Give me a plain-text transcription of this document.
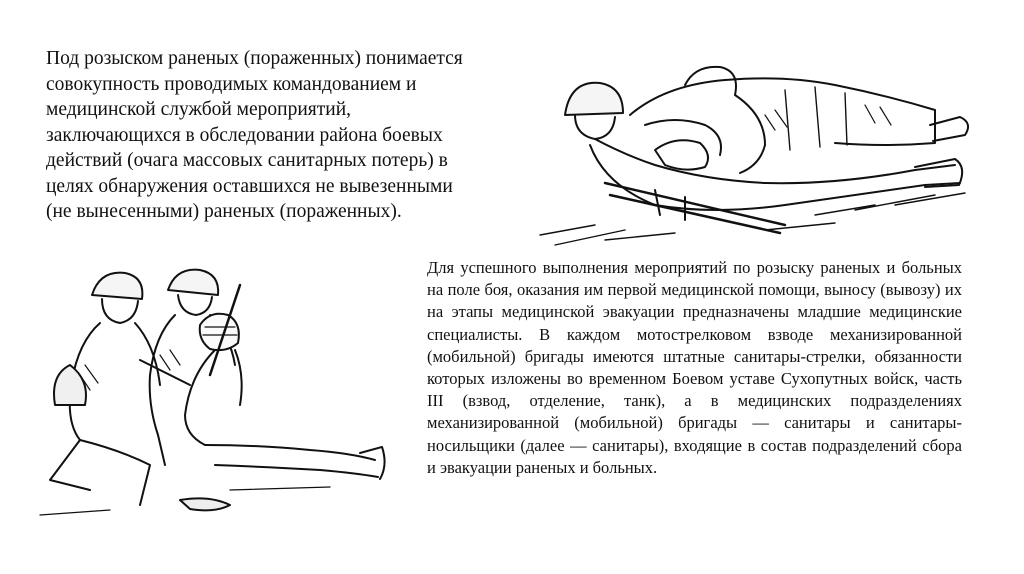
Под розыском раненых (пораженных) понимается совокупность проводимых командованием и медицинской службой мероприятий, заключающихся в обследовании района боевых действий (очага массовых санитарных потерь) в целях обнаружения оставшихся не вывезенными (не вынесенными) раненых (пораженных).

Для успешного выполнения мероприятий по розыску раненых и больных на поле боя, оказания им первой медицинской помощи, выносу (вывозу) их на этапы медицинской эвакуации предназначены младшие медицинские специалисты. В каждом мотострелковом взводе механизированной (мобильной) бригады имеются штатные санитары-стрелки, обязанности которых изложены во временном Боевом уставе Сухопутных войск, часть III (взвод, отделение, танк), а в медицинских подразделениях механизированной (мобильной) бригады — санитары и санитары-носильщики (далее — санитары), входящие в состав подразделений сбора и эвакуации раненых и больных.
